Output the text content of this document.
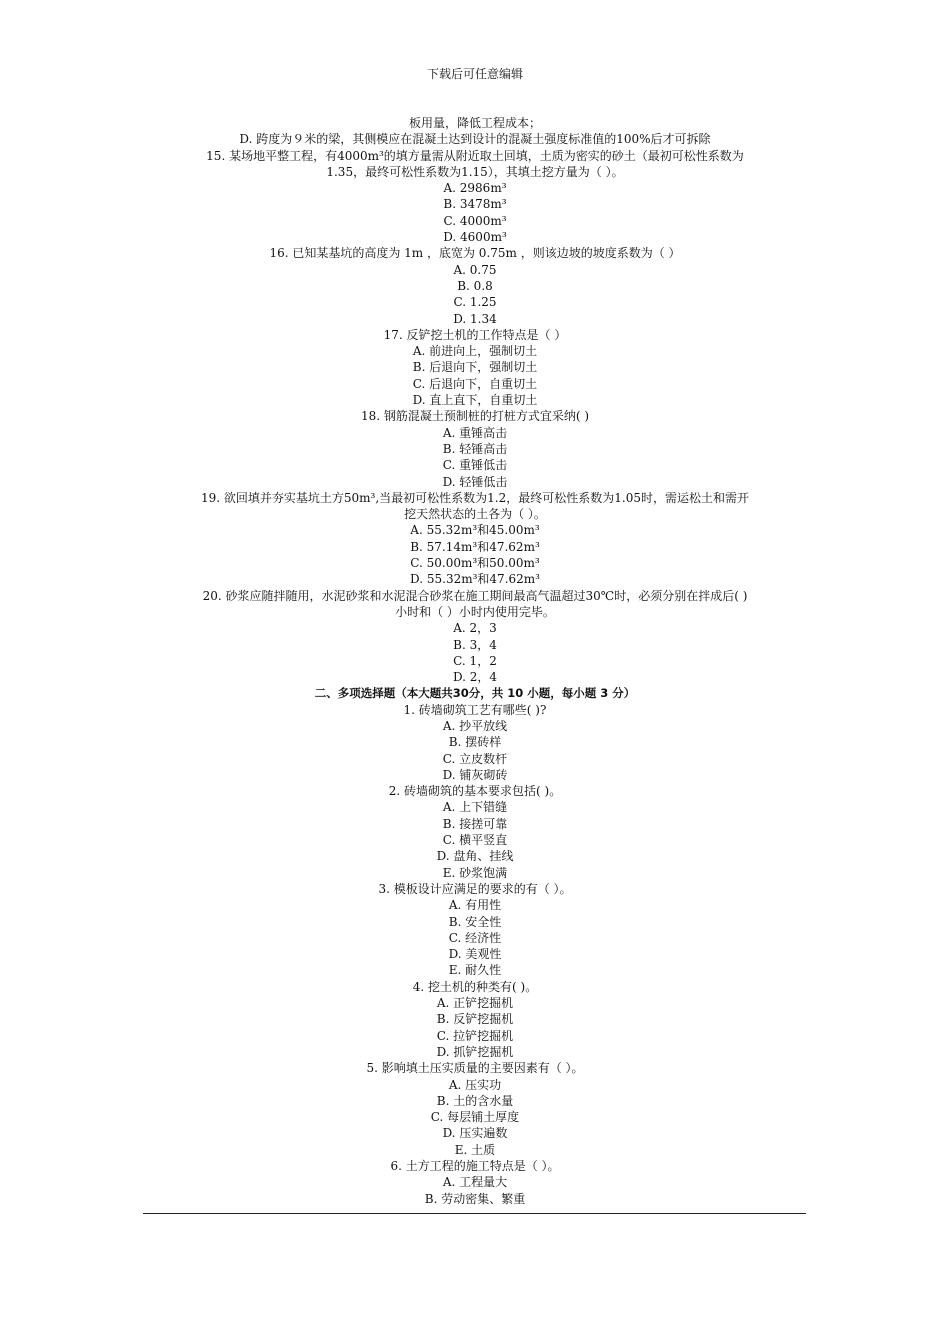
下载后可任意编辑
板用量，降低工程成本；
D. 跨度为９米的梁，其侧模应在混凝土达到设计的混凝土强度标准值的100%后才可拆除
15. 某场地平整工程，有4000m³的填方量需从附近取土回填，土质为密实的砂土（最初可松性系数为
1.35，最终可松性系数为1.15），其填土挖方量为（ ）。
A. 2986m³
B. 3478m³
C. 4000m³
D. 4600m³
16. 已知某基坑的高度为 1m ，底宽为 0.75m ，则该边坡的坡度系数为（ ）
A. 0.75
B. 0.8
C. 1.25
D. 1.34
17. 反铲挖土机的工作特点是（ ）
A. 前进向上，强制切土
B. 后退向下，强制切土
C. 后退向下，自重切土
D. 直上直下，自重切土
18. 钢筋混凝土预制桩的打桩方式宜采纳( )
A. 重锤高击
B. 轻锤高击
C. 重锤低击
D. 轻锤低击
19. 欲回填并夯实基坑土方50m³,当最初可松性系数为1.2，最终可松性系数为1.05时，需运松土和需开
挖天然状态的土各为（ ）。
A. 55.32m³和45.00m³
B. 57.14m³和47.62m³
C. 50.00m³和50.00m³
D. 55.32m³和47.62m³
20. 砂浆应随拌随用，水泥砂浆和水泥混合砂浆在施工期间最高气温超过30℃时，必须分别在拌成后( )
小时和（ ）小时内使用完毕。
A. 2，3
B. 3，4
C. 1，2
D. 2，4
二、多项选择题（本大题共30分，共 10 小题，每小题 3 分）
1. 砖墙砌筑工艺有哪些( )?
A. 抄平放线
B. 摆砖样
C. 立皮数杆
D. 铺灰砌砖
2. 砖墙砌筑的基本要求包括( )。
A. 上下错缝
B. 接搓可靠
C. 横平竖直
D. 盘角、挂线
E. 砂浆饱满
3. 模板设计应满足的要求的有（ ）。
A. 有用性
B. 安全性
C. 经济性
D. 美观性
E. 耐久性
4. 挖土机的种类有( )。
A. 正铲挖掘机
B. 反铲挖掘机
C. 拉铲挖掘机
D. 抓铲挖掘机
5. 影响填土压实质量的主要因素有（ ）。
A. 压实功
B. 土的含水量
C. 每层铺土厚度
D. 压实遍数
E. 土质
6. 土方工程的施工特点是（ ）。
A. 工程量大
B. 劳动密集、繁重
